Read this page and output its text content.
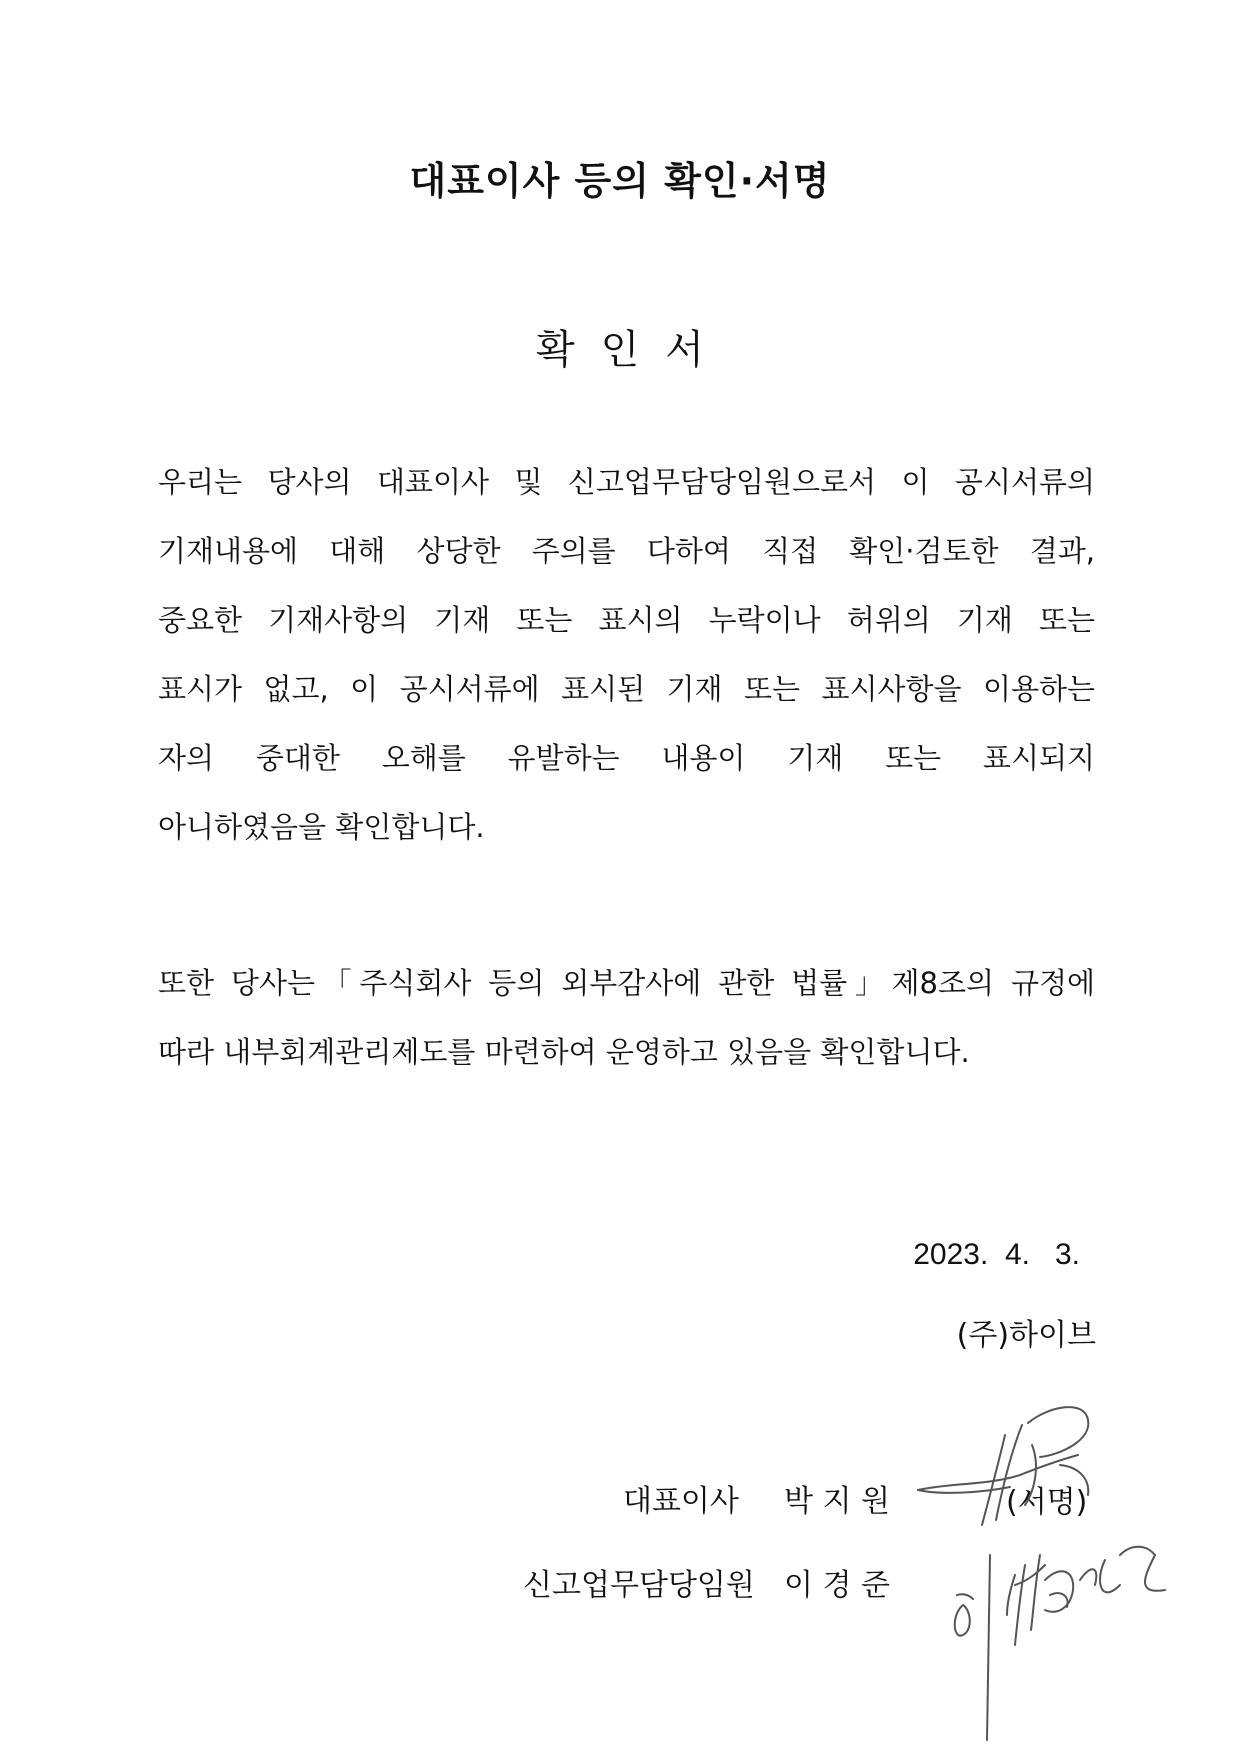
대표이사 등의 확인·서명
확인서
우리는 당사의 대표이사 및 신고업무담당임원으로서 이 공시서류의
기재내용에 대해 상당한 주의를 다하여 직접 확인·검토한 결과,
중요한 기재사항의 기재 또는 표시의 누락이나 허위의 기재 또는
표시가 없고, 이 공시서류에 표시된 기재 또는 표시사항을 이용하는
자의 중대한 오해를 유발하는 내용이 기재 또는 표시되지
아니하였음을 확인합니다.
또한 당사는「주식회사 등의 외부감사에 관한 법률」제8조의 규정에
따라 내부회계관리제도를 마련하여 운영하고 있음을 확인합니다.
2023.  4.   3.
(주)하이브
대표이사 박 지 원
신고업무담당임원 이 경 준
(서명)
